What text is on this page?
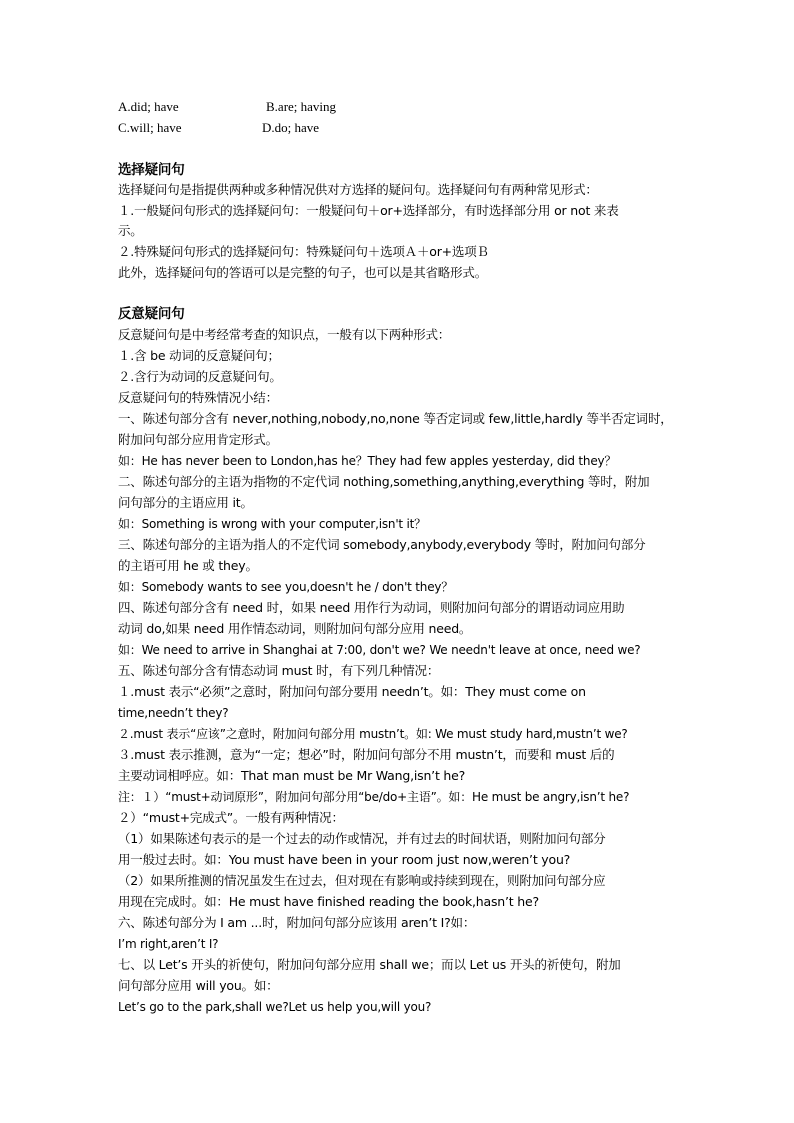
A.did; have	B.are; having
C.will; have	D.do; have
选择疑问句
选择疑问句是指提供两种或多种情况供对方选择的疑问句。选择疑问句有两种常见形式：
１.一般疑问句形式的选择疑问句：一般疑问句＋or+选择部分，有时选择部分用 or not 来表
示。
２.特殊疑问句形式的选择疑问句：特殊疑问句＋选项Ａ＋or+选项Ｂ
此外，选择疑问句的答语可以是完整的句子，也可以是其省略形式。
反意疑问句
反意疑问句是中考经常考查的知识点，一般有以下两种形式：
１.含 be 动词的反意疑问句；
２.含行为动词的反意疑问句。
反意疑问句的特殊情况小结：
一、陈述句部分含有 never,nothing,nobody,no,none 等否定词或 few,little,hardly 等半否定词时，
附加问句部分应用肯定形式。
如：He has never been to London,has he？They had few apples yesterday, did they？
二、陈述句部分的主语为指物的不定代词 nothing,something,anything,everything 等时，附加
问句部分的主语应用 it。
如：Something is wrong with your computer,isn't it？
三、陈述句部分的主语为指人的不定代词 somebody,anybody,everybody 等时，附加问句部分
的主语可用 he 或 they。
如：Somebody wants to see you,doesn't he / don't they？
四、陈述句部分含有 need 时，如果 need 用作行为动词，则附加问句部分的谓语动词应用助
动词 do,如果 need 用作情态动词，则附加问句部分应用 need。
如：We need to arrive in Shanghai at 7:00, don't we? We needn't leave at once, need we?
五、陈述句部分含有情态动词 must 时，有下列几种情况：
１.must 表示“必须”之意时，附加问句部分要用 needn’t。如：They must come on
time,needn’t they?
２.must 表示“应该”之意时，附加问句部分用 mustn’t。如: We must study hard,mustn’t we?
３.must 表示推测，意为“一定；想必”时，附加问句部分不用 mustn’t，而要和 must 后的
主要动词相呼应。如：That man must be Mr Wang,isn’t he?
注：１）“must+动词原形”，附加问句部分用“be/do+主语”。如：He must be angry,isn’t he?
２）“must+完成式”。一般有两种情况：
（1）如果陈述句表示的是一个过去的动作或情况，并有过去的时间状语，则附加问句部分
用一般过去时。如：You must have been in your room just now,weren’t you?
（2）如果所推测的情况虽发生在过去，但对现在有影响或持续到现在，则附加问句部分应
用现在完成时。如：He must have finished reading the book,hasn’t he?
六、陈述句部分为 I am ...时，附加问句部分应该用 aren’t I?如：
I’m right,aren’t I?
七、以 Let’s 开头的祈使句，附加问句部分应用 shall we；而以 Let us 开头的祈使句，附加
问句部分应用 will you。如：
Let’s go to the park,shall we?Let us help you,will you?
